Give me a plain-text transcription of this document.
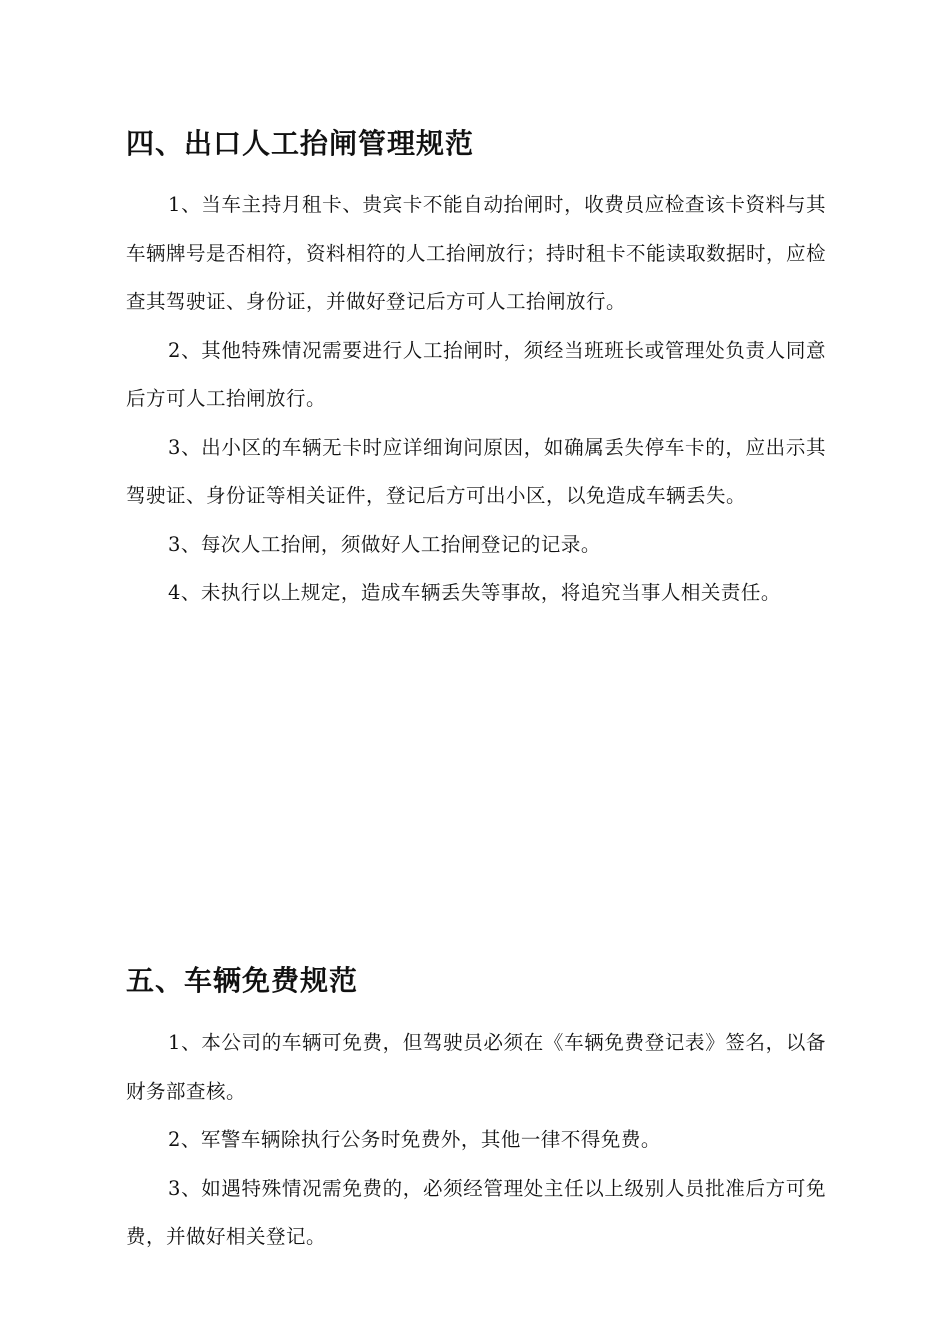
四、出口人工抬闸管理规范

1、当车主持月租卡、贵宾卡不能自动抬闸时，收费员应检查该卡资料与其车辆牌号是否相符，资料相符的人工抬闸放行；持时租卡不能读取数据时，应检查其驾驶证、身份证，并做好登记后方可人工抬闸放行。

2、其他特殊情况需要进行人工抬闸时，须经当班班长或管理处负责人同意后方可人工抬闸放行。

3、出小区的车辆无卡时应详细询问原因，如确属丢失停车卡的，应出示其驾驶证、身份证等相关证件，登记后方可出小区，以免造成车辆丢失。

3、每次人工抬闸，须做好人工抬闸登记的记录。

4、未执行以上规定，造成车辆丢失等事故，将追究当事人相关责任。

五、车辆免费规范

1、本公司的车辆可免费，但驾驶员必须在《车辆免费登记表》签名，以备财务部查核。

2、军警车辆除执行公务时免费外，其他一律不得免费。

3、如遇特殊情况需免费的，必须经管理处主任以上级别人员批准后方可免费，并做好相关登记。
